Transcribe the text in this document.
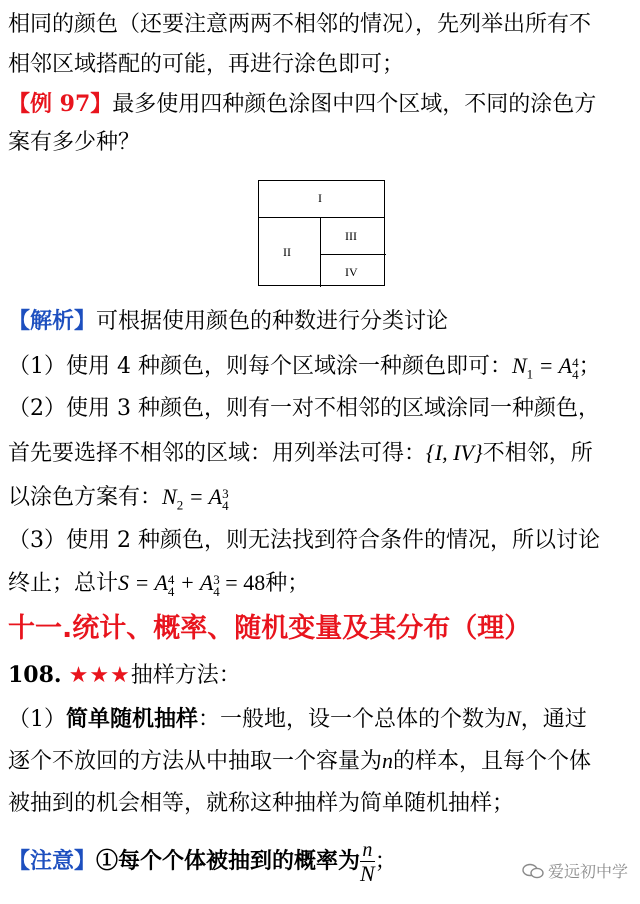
相同的颜色（还要注意两两不相邻的情况），先列举出所有不
相邻区域搭配的可能，再进行涂色即可；
【例 97】最多使用四种颜色涂图中四个区域，不同的涂色方
案有多少种？
I
II
III
IV
【解析】可根据使用颜色的种数进行分类讨论
（1）使用 4 种颜色，则每个区域涂一种颜色即可：$N_1 = A$ 4
4 ；
（2）使用 3 种颜色，则有一对不相邻的区域涂同一种颜色，
首先要选择不相邻的区域：用列举法可得：{I, IV}不相邻，所
以涂色方案有：$N_2 = A$ 3
4
（3）使用 2 种颜色，则无法找到符合条件的情况，所以讨论
终止；总计S = A 4
4 + A 3
4 = 48种；
十一.统计、概率、随机变量及其分布（理）
108. ★★★抽样方法：
（1）简单随机抽样：一般地，设一个总体的个数为N，通过
逐个不放回的方法从中抽取一个容量为n的样本，且每个个体
被抽到的机会相等，就称这种抽样为简单随机抽样；
【注意】①每个个体被抽到的概率为 $\frac{n}{N}$ ；	爱远初中学
